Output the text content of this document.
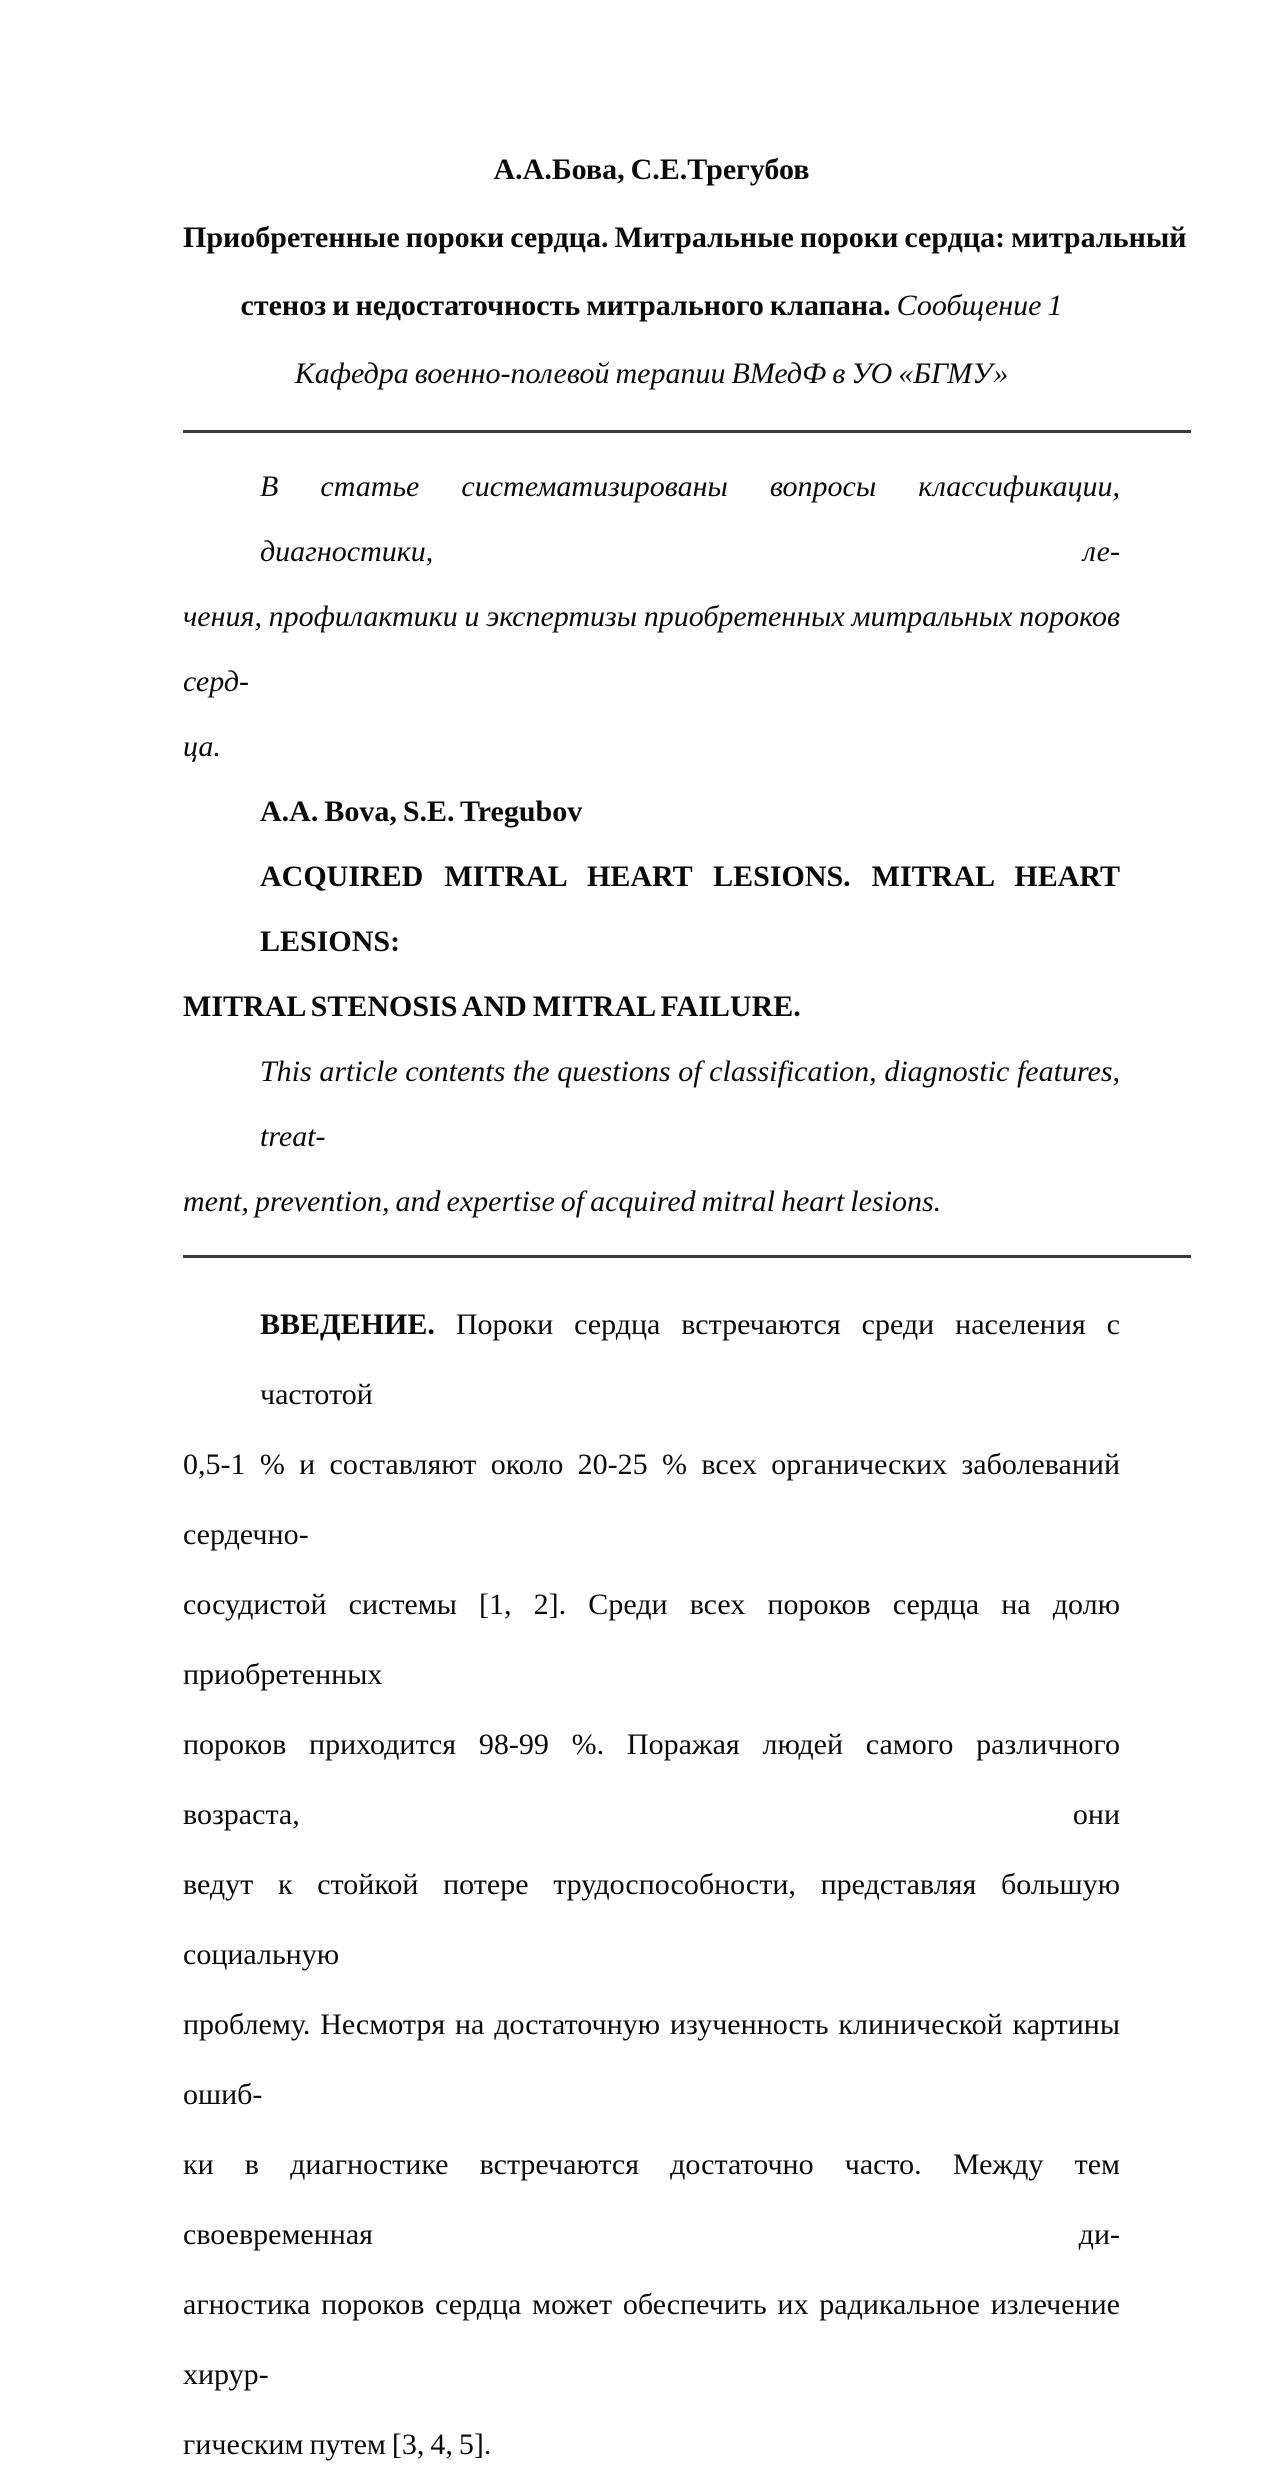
А.А.Бова, С.Е.Трегубов
Приобретенные пороки сердца. Митральные пороки сердца: митральный
стеноз и недостаточность митрального клапана. Сообщение 1
Кафедра военно-полевой терапии ВМедФ в УО «БГМУ»
В статье систематизированы вопросы классификации, диагностики, ле-
чения, профилактики и экспертизы приобретенных митральных пороков серд-
ца.
A.A. Bova, S.E. Tregubov
ACQUIRED MITRAL HEART LESIONS. MITRAL HEART LESIONS:
MITRAL STENOSIS AND MITRAL FAILURE.
This article contents the questions of classification, diagnostic features, treat-
ment, prevention, and expertise of acquired mitral heart lesions.
ВВЕДЕНИЕ. Пороки сердца встречаются среди населения с частотой
0,5-1 % и составляют около 20-25 % всех органических заболеваний сердечно-
сосудистой системы [1, 2]. Среди всех пороков сердца на долю приобретенных
пороков приходится 98-99 %. Поражая людей самого различного возраста, они
ведут к стойкой потере трудоспособности, представляя большую социальную
проблему. Несмотря на достаточную изученность клинической картины ошиб-
ки в диагностике встречаются достаточно часто. Между тем своевременная ди-
агностика пороков сердца может обеспечить их радикальное излечение хирур-
гическим путем [3, 4, 5].
